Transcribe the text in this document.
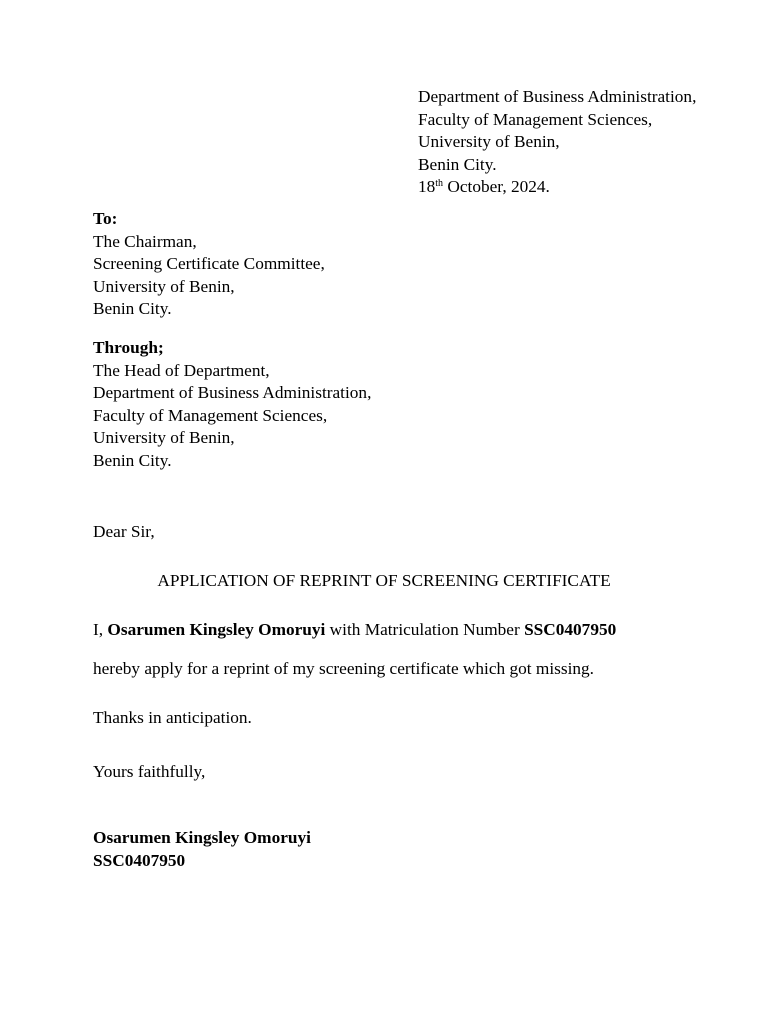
Department of Business Administration,
Faculty of Management Sciences,
University of Benin,
Benin City.
18th October, 2024.
To:
The Chairman,
Screening Certificate Committee,
University of Benin,
Benin City.
Through;
The Head of Department,
Department of Business Administration,
Faculty of Management Sciences,
University of Benin,
Benin City.
Dear Sir,
APPLICATION OF REPRINT OF SCREENING CERTIFICATE
I, Osarumen Kingsley Omoruyi with Matriculation Number SSC0407950
hereby apply for a reprint of my screening certificate which got missing.
Thanks in anticipation.
Yours faithfully,
Osarumen Kingsley Omoruyi
SSC0407950
